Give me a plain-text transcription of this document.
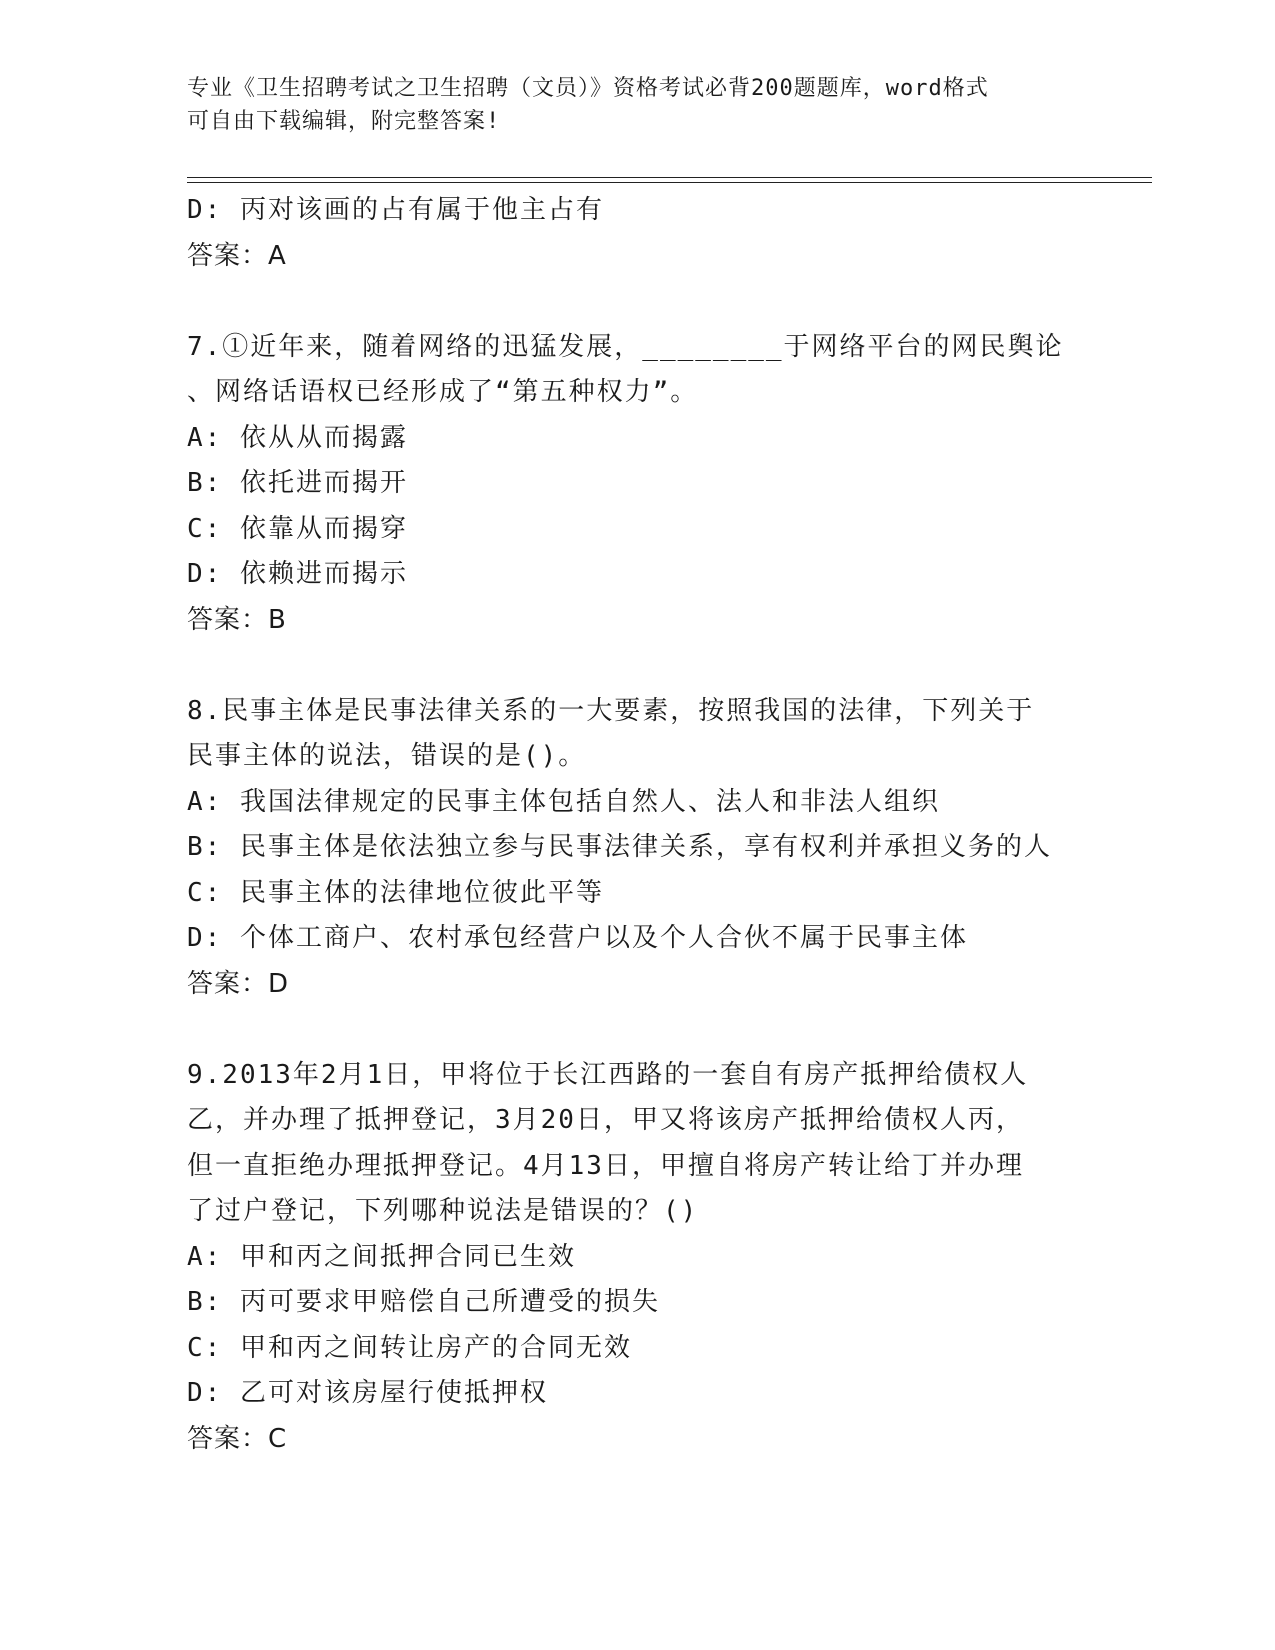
专业《卫生招聘考试之卫生招聘（文员）》资格考试必背200题题库，word格式
可自由下载编辑，附完整答案!
D: 丙对该画的占有属于他主占有
答案：A
7.①近年来，随着网络的迅猛发展，________于网络平台的网民舆论
、网络话语权已经形成了“第五种权力”。
A: 依从从而揭露
B: 依托进而揭开
C: 依靠从而揭穿
D: 依赖进而揭示
答案：B
8.民事主体是民事法律关系的一大要素，按照我国的法律，下列关于
民事主体的说法，错误的是()。
A: 我国法律规定的民事主体包括自然人、法人和非法人组织
B: 民事主体是依法独立参与民事法律关系，享有权利并承担义务的人
C: 民事主体的法律地位彼此平等
D: 个体工商户、农村承包经营户以及个人合伙不属于民事主体
答案：D
9.2013年2月1日，甲将位于长江西路的一套自有房产抵押给债权人
乙，并办理了抵押登记，3月20日，甲又将该房产抵押给债权人丙，
但一直拒绝办理抵押登记。4月13日，甲擅自将房产转让给丁并办理
了过户登记，下列哪种说法是错误的？()
A: 甲和丙之间抵押合同已生效
B: 丙可要求甲赔偿自己所遭受的损失
C: 甲和丙之间转让房产的合同无效
D: 乙可对该房屋行使抵押权
答案：C
